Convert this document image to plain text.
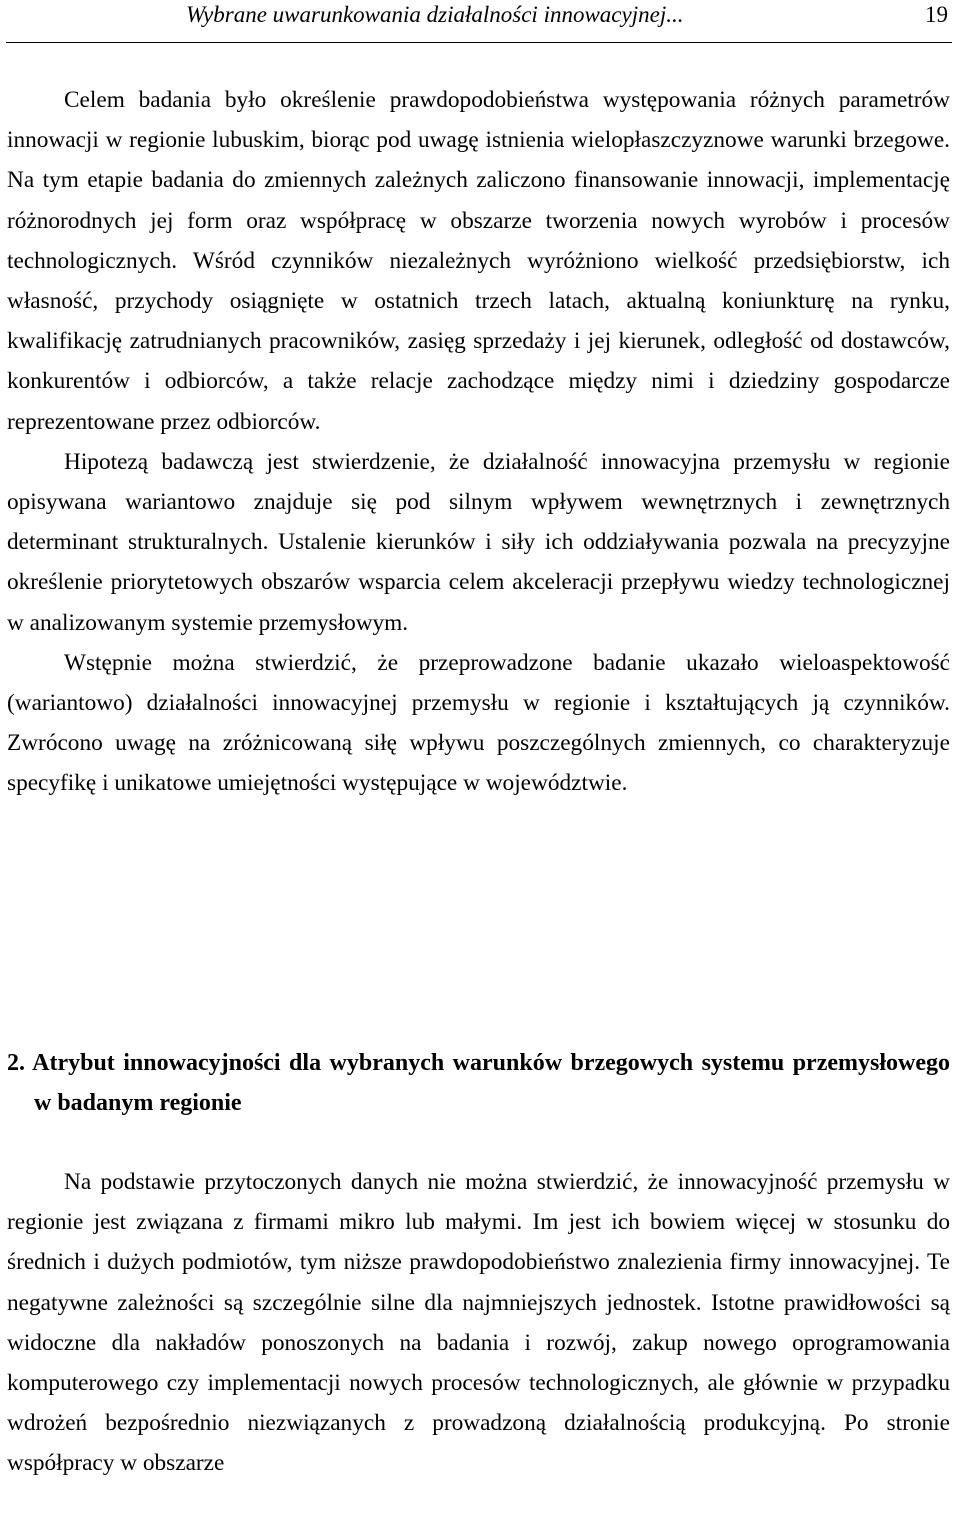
Wybrane uwarunkowania działalności innowacyjnej...	19

Celem badania było określenie prawdopodobieństwa występowania różnych parametrów innowacji w regionie lubuskim, biorąc pod uwagę istnienia wielopłaszczyznowe warunki brzegowe. Na tym etapie badania do zmiennych zależnych zaliczono finansowanie innowacji, implementację różnorodnych jej form oraz współpracę w obszarze tworzenia nowych wyrobów i procesów technologicznych. Wśród czynników niezależnych wyróżniono wielkość przedsiębiorstw, ich własność, przychody osiągnięte w ostatnich trzech latach, aktualną koniunkturę na rynku, kwalifikację zatrudnianych pracowników, zasięg sprzedaży i jej kierunek, odległość od dostawców, konkurentów i odbiorców, a także relacje zachodzące między nimi i dziedziny gospodarcze reprezentowane przez odbiorców.

Hipotezą badawczą jest stwierdzenie, że działalność innowacyjna przemysłu w regionie opisywana wariantowo znajduje się pod silnym wpływem wewnętrznych i zewnętrznych determinant strukturalnych. Ustalenie kierunków i siły ich oddziaływania pozwala na precyzyjne określenie priorytetowych obszarów wsparcia celem akceleracji przepływu wiedzy technologicznej w analizowanym systemie przemysłowym.

Wstępnie można stwierdzić, że przeprowadzone badanie ukazało wieloaspektowość (wariantowo) działalności innowacyjnej przemysłu w regionie i kształtujących ją czynników. Zwrócono uwagę na zróżnicowaną siłę wpływu poszczególnych zmiennych, co charakteryzuje specyfikę i unikatowe umiejętności występujące w województwie.

2. Atrybut innowacyjności dla wybranych warunków brzegowych systemu przemysłowego w badanym regionie

Na podstawie przytoczonych danych nie można stwierdzić, że innowacyjność przemysłu w regionie jest związana z firmami mikro lub małymi. Im jest ich bowiem więcej w stosunku do średnich i dużych podmiotów, tym niższe prawdopodobieństwo znalezienia firmy innowacyjnej. Te negatywne zależności są szczególnie silne dla najmniejszych jednostek. Istotne prawidłowości są widoczne dla nakładów ponoszonych na badania i rozwój, zakup nowego oprogramowania komputerowego czy implementacji nowych procesów technologicznych, ale głównie w przypadku wdrożeń bezpośrednio niezwiązanych z prowadzoną działalnością produkcyjną. Po stronie współpracy w obszarze
